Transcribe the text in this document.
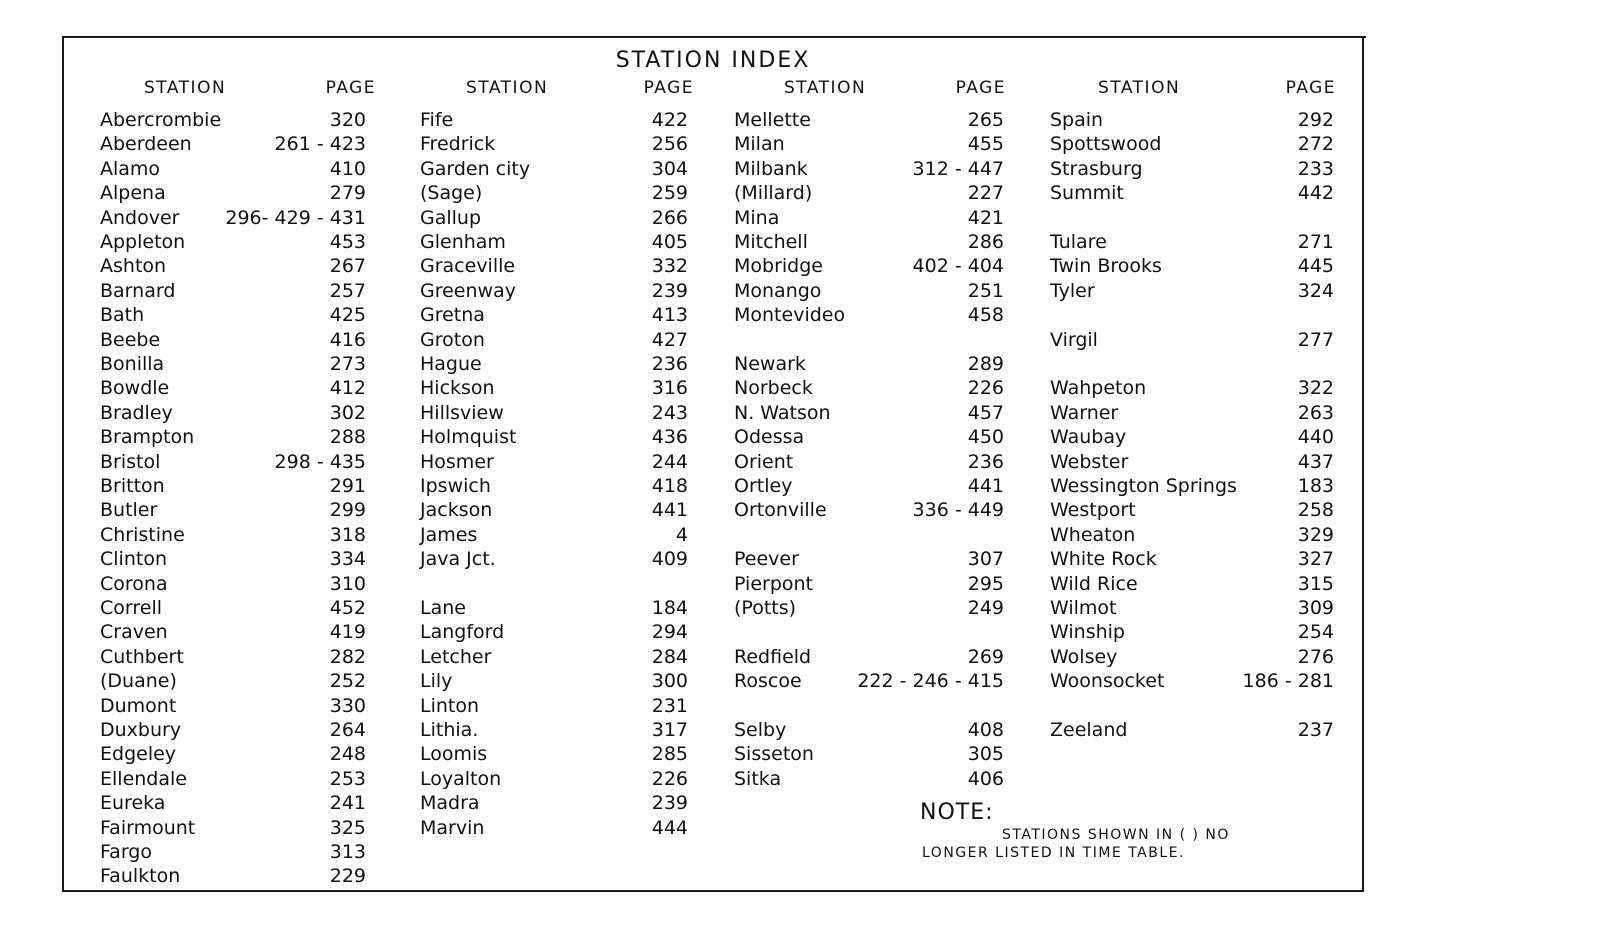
STATION INDEX
STATION	PAGE
Abercrombie	320
Aberdeen	261 - 423
Alamo	410
Alpena	279
Andover 296- 429 - 431
Appleton	453
Ashton	267
Barnard	257
Bath	425
Beebe	416
Bonilla	273
Bowdle	412
Bradley	302
Brampton	288
Bristol	298 - 435
Britton	291
Butler	299
Christine	318
Clinton	334
Corona	310
Correll	452
Craven	419
Cuthbert	282
(Duane)	252
Dumont	330
Duxbury	264
Edgeley	248
Ellendale	253
Eureka	241
Fairmount	325
Fargo	313
Faulkton	229
STATION	PAGE
Fife	422
Fredrick	256
Garden city	304
(Sage)	259
Gallup	266
Glenham	405
Graceville	332
Greenway	239
Gretna	413
Groton	427
Hague	236
Hickson	316
Hillsview	243
Holmquist	436
Hosmer	244
Ipswich	418
Jackson	441
James	4
Java Jct.	409
Lane	184
Langford	294
Letcher	284
Lily	300
Linton	231
Lithia.	317
Loomis	285
Loyalton	226
Madra	239
Marvin	444
STATION	PAGE
Mellette	265
Milan	455
Milbank	312 - 447
(Millard)	227
Mina	421
Mitchell	286
Mobridge	402 - 404
Monango	251
Montevideo	458
Newark	289
Norbeck	226
N. Watson	457
Odessa	450
Orient	236
Ortley	441
Ortonville	336 - 449
Peever	307
Pierpont	295
(Potts)	249
Redfield	269
Roscoe	222 - 246 - 415
Selby	408
Sisseton	305
Sitka	406
STATION	PAGE
Spain	292
Spottswood	272
Strasburg	233
Summit	442
Tulare	271
Twin Brooks	445
Tyler	324
Virgil	277
Wahpeton	322
Warner	263
Waubay	440
Webster	437
Wessington Springs	183
Westport	258
Wheaton	329
White Rock	327
Wild Rice	315
Wilmot	309
Winship	254
Wolsey	276
Woonsocket	186 - 281
Zeeland	237
NOTE:
STATIONS SHOWN IN ( ) NO
LONGER LISTED IN TIME TABLE.
